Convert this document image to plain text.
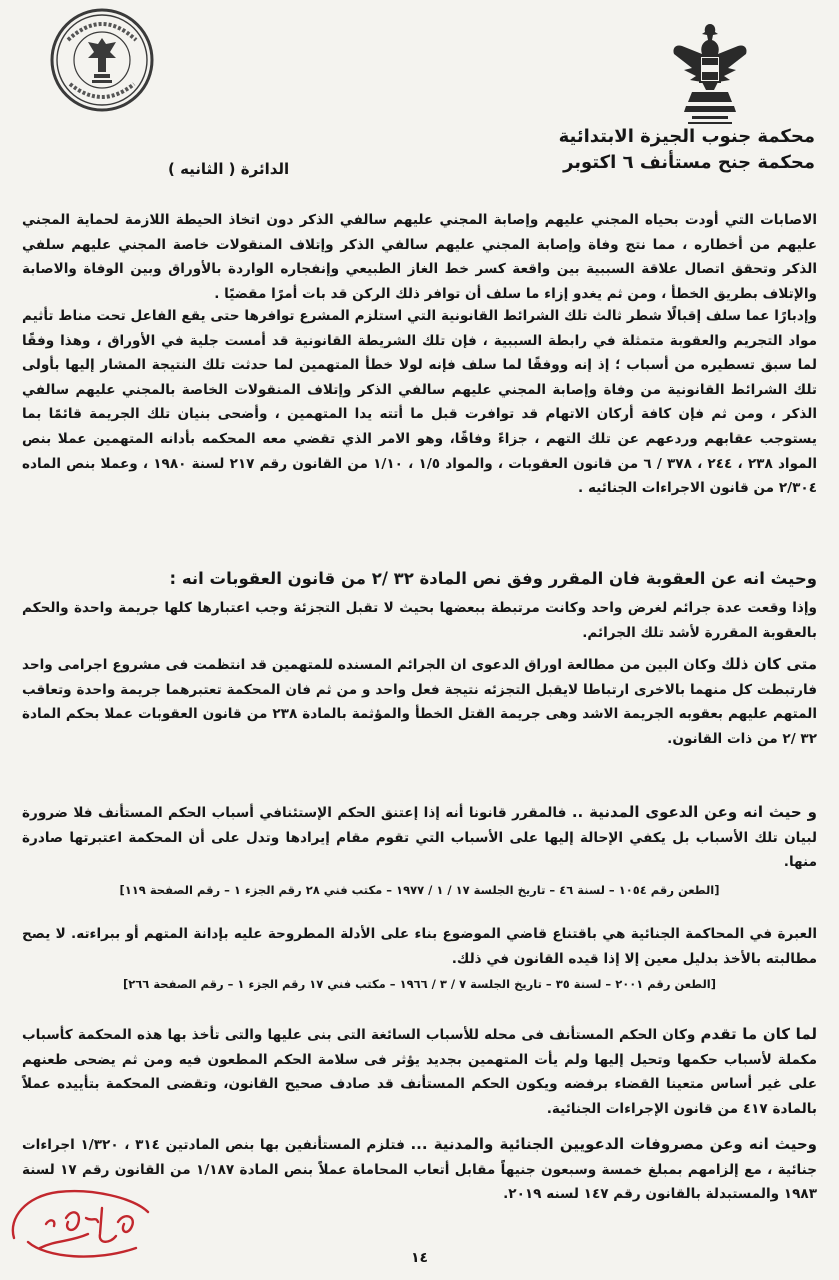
محكمة جنوب الجيزة الابتدائية
محكمة جنح مستأنف ٦ اكتوبر
الدائرة ( الثانيه )
الاصابات التي أودت بحياه المجني عليهم وإصابة المجني عليهم سالفي الذكر دون اتخاذ الحيطة اللازمة لحماية المجني عليهم من أخطاره ، مما نتج وفاة وإصابة المجني عليهم سالفي الذكر وإتلاف المنقولات خاصة المجني عليهم سلفي الذكر وتحقق اتصال علاقة السببية بين واقعة كسر خط الغاز الطبيعي وإنفجاره الواردة بالأوراق وبين الوفاة والاصابة والإتلاف بطريق الخطأ ، ومن ثم يغدو إزاء ما سلف أن توافر ذلك الركن قد بات أمرًا مقضيًا .
وإدبارًا عما سلف إقبالًا شطر ثالث تلك الشرائط القانونية التي استلزم المشرع توافرها حتى يقع الفاعل تحت مناط تأثيم مواد التجريم والعقوبة متمثلة في رابطة السببية ، فإن تلك الشريطة القانونية قد أمست جلية في الأوراق ، وهذا وفقًا لما سبق تسطيره من أسباب ؛ إذ إنه ووفقًا لما سلف فإنه لولا خطأ المتهمين لما حدثت تلك النتيجة المشار إليها بأولى تلك الشرائط القانونية من وفاة وإصابة المجني عليهم سالفي الذكر وإتلاف المنقولات الخاصة بالمجني عليهم سالفي الذكر ، ومن ثم فإن كافة أركان الاتهام قد توافرت قبل ما أتته يدا المتهمين ، وأضحى بنيان تلك الجريمة قائمًا بما يستوجب عقابهم وردعهم عن تلك التهم ، جزاءً وفاقًا، وهو الامر الذي تقضي معه المحكمه بأدانه المتهمين عملا بنص المواد ٢٣٨ ، ٢٤٤ ، ٣٧٨ / ٦ من قانون العقوبات ، والمواد ١/٥ ، ١/١٠ من القانون رقم ٢١٧ لسنة ١٩٨٠ ، وعملا بنص الماده ٢/٣٠٤ من قانون الاجراءات الجنائيه .
وحيث انه عن العقوبة فان المقرر وفق نص المادة ٣٢ /٢ من قانون العقوبات انه :
وإذا وقعت عدة جرائم لغرض واحد وكانت مرتبطة ببعضها بحيث لا تقبل التجزئة وجب اعتبارها كلها جريمة واحدة والحكم بالعقوبة المقررة لأشد تلك الجرائم.
متى كان ذلك وكان البين من مطالعة اوراق الدعوى ان الجرائم المسنده للمتهمين قد انتظمت فى مشروع اجرامى واحد فارتبطت كل منهما بالاخرى ارتباطا لايقبل التجزئه نتيجة فعل واحد و من ثم فان المحكمة تعتبرهما جريمة واحدة وتعاقب المتهم عليهم بعقوبه الجريمة الاشد وهى جريمة القتل الخطأ والمؤثمة بالمادة ٢٣٨ من قانون العقوبات عملا بحكم المادة ٣٢ /٢ من ذات القانون.
و حيث انه وعن الدعوى المدنية .. فالمقرر قانونا أنه إذا إعتنق الحكم الإستئنافي أسباب الحكم المستأنف فلا ضرورة لبيان تلك الأسباب بل يكفي الإحالة إليها على الأسباب التي تقوم مقام إيرادها وتدل على أن المحكمة اعتبرتها صادرة منها.
[الطعن رقم ١٠٥٤ – لسنة ٤٦ – تاريخ الجلسة ١٧ / ١ / ١٩٧٧ – مكتب فني ٢٨ رقم الجزء ١ – رقم الصفحة ١١٩]
العبرة في المحاكمة الجنائية هي باقتناع قاضي الموضوع بناء على الأدلة المطروحة عليه بإدانة المتهم أو ببراءته. لا يصح مطالبته بالأخذ بدليل معين إلا إذا قيده القانون في ذلك.
[الطعن رقم ٢٠٠١ – لسنة ٣٥ – تاريخ الجلسة ٧ / ٣ / ١٩٦٦ – مكتب فني ١٧ رقم الجزء ١ – رقم الصفحة ٢٦٦]
لما كان ما تقدم وكان الحكم المستأنف فى محله للأسباب السائغة التى بنى عليها والتى تأخذ بها هذه المحكمة كأسباب مكملة لأسباب حكمها وتحيل إليها ولم يأت المتهمين بجديد يؤثر فى سلامة الحكم المطعون فيه ومن ثم يضحى طعنهم على غير أساس متعينا القضاء برفضه ويكون الحكم المستأنف قد صادف صحيح القانون، وتقضى المحكمة بتأييده عملاً بالمادة ٤١٧ من قانون الإجراءات الجنائية.
وحيث انه وعن مصروفات الدعويين الجنائية والمدنية ... فتلزم المستأنفين بها بنص المادتين ٣١٤ ، ١/٣٢٠ اجراءات جنائية ، مع إلزامهم بمبلغ خمسة وسبعون جنيهاً مقابل أتعاب المحاماة عملاً بنص المادة ١/١٨٧ من القانون رقم ١٧ لسنة ١٩٨٣ والمستبدلة بالقانون رقم ١٤٧ لسنه ٢٠١٩.
١٤
